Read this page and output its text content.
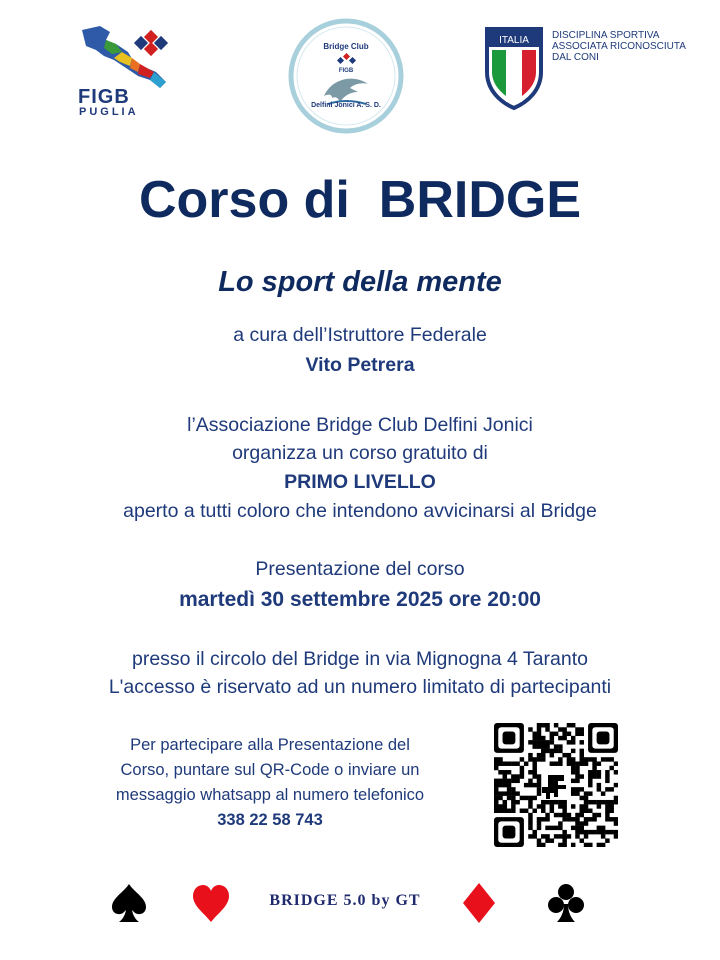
FIGB
PUGLIA
Bridge Club
FIGB
Delfini Jonici A. S. D.
ITALIA DISCIPLINA SPORTIVA
ASSOCIATA RICONOSCIUTA
DAL CONI
Corso di  BRIDGE
Lo sport della mente
a cura dell’Istruttore Federale
Vito Petrera
l’Associazione Bridge Club Delfini Jonici
organizza un corso gratuito di
PRIMO LIVELLO
aperto a tutti coloro che intendono avvicinarsi al Bridge
Presentazione del corso
martedì 30 settembre 2025 ore 20:00
presso il circolo del Bridge in via Mignogna 4 Taranto
L'accesso è riservato ad un numero limitato di partecipanti
Per partecipare alla Presentazione del
Corso, puntare sul QR-Code o inviare un
messaggio whatsapp al numero telefonico
338 22 58 743
BRIDGE 5.0 by GT
